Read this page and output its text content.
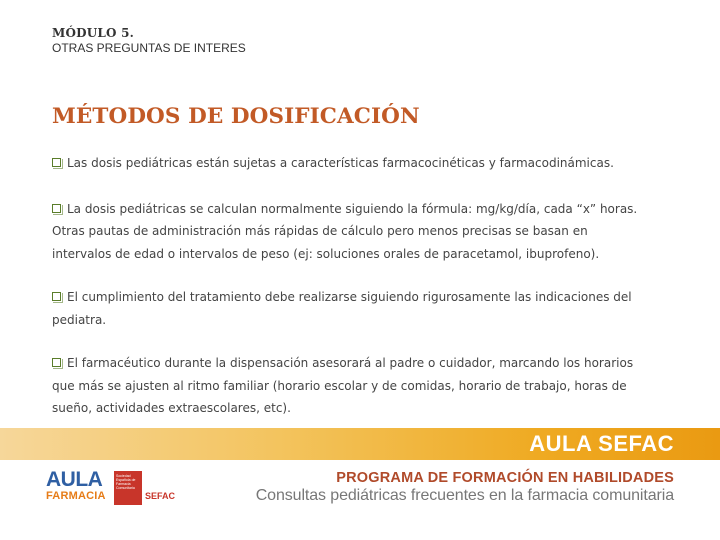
MÓDULO 5.
OTRAS PREGUNTAS DE INTERES
MÉTODOS DE DOSIFICACIÓN
Las dosis pediátricas están sujetas a características farmacocinéticas y farmacodinámicas.
La dosis pediátricas se calculan normalmente siguiendo la fórmula: mg/kg/día, cada “x” horas.
Otras pautas de administración más rápidas de cálculo pero menos precisas se basan en
intervalos de edad o intervalos de peso (ej: soluciones orales de paracetamol, ibuprofeno).
El cumplimiento del tratamiento debe realizarse siguiendo rigurosamente las indicaciones del
pediatra.
El farmacéutico durante la dispensación asesorará al padre o cuidador, marcando los horarios
que más se ajusten al ritmo familiar (horario escolar y de comidas, horario de trabajo, horas de
sueño, actividades extraescolares, etc).
AULA SEFAC
AULA
FARMACIA
Sociedad Española de Farmacia Comunitaria
SEFAC
PROGRAMA DE FORMACIÓN EN HABILIDADES
Consultas pediátricas frecuentes en la farmacia comunitaria
